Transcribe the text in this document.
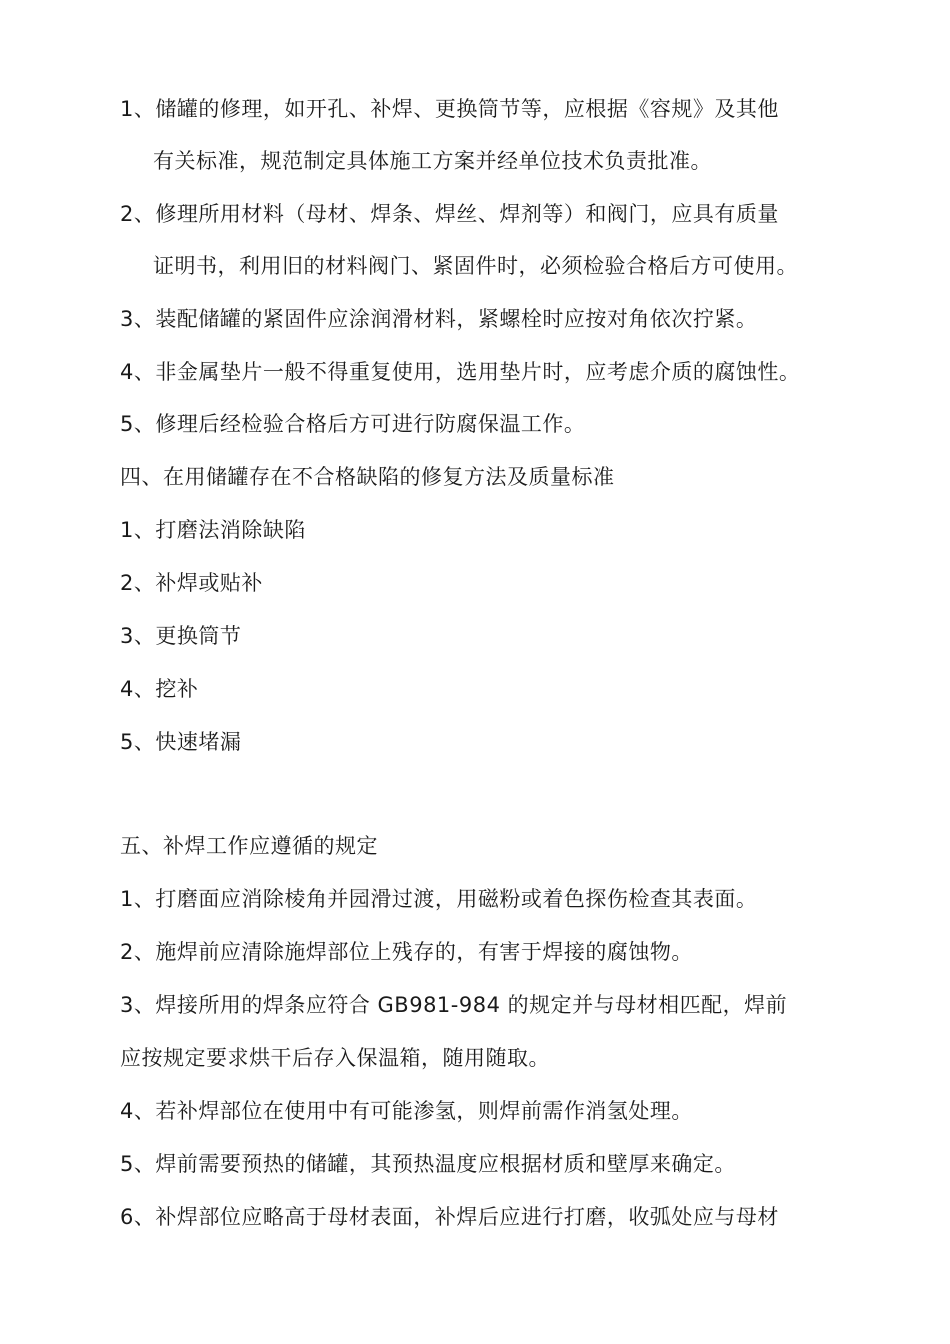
1、储罐的修理，如开孔、补焊、更换筒节等，应根据《容规》及其他
有关标准，规范制定具体施工方案并经单位技术负责批准。
2、修理所用材料（母材、焊条、焊丝、焊剂等）和阀门，应具有质量
证明书，利用旧的材料阀门、紧固件时，必须检验合格后方可使用。
3、装配储罐的紧固件应涂润滑材料，紧螺栓时应按对角依次拧紧。
4、非金属垫片一般不得重复使用，选用垫片时，应考虑介质的腐蚀性。
5、修理后经检验合格后方可进行防腐保温工作。
四、在用储罐存在不合格缺陷的修复方法及质量标准
1、打磨法消除缺陷
2、补焊或贴补
3、更换筒节
4、挖补
5、快速堵漏
五、补焊工作应遵循的规定
1、打磨面应消除棱角并园滑过渡，用磁粉或着色探伤检查其表面。
2、施焊前应清除施焊部位上残存的，有害于焊接的腐蚀物。
3、焊接所用的焊条应符合 GB981-984 的规定并与母材相匹配，焊前
应按规定要求烘干后存入保温箱，随用随取。
4、若补焊部位在使用中有可能渗氢，则焊前需作消氢处理。
5、焊前需要预热的储罐，其预热温度应根据材质和壁厚来确定。
6、补焊部位应略高于母材表面，补焊后应进行打磨，收弧处应与母材
